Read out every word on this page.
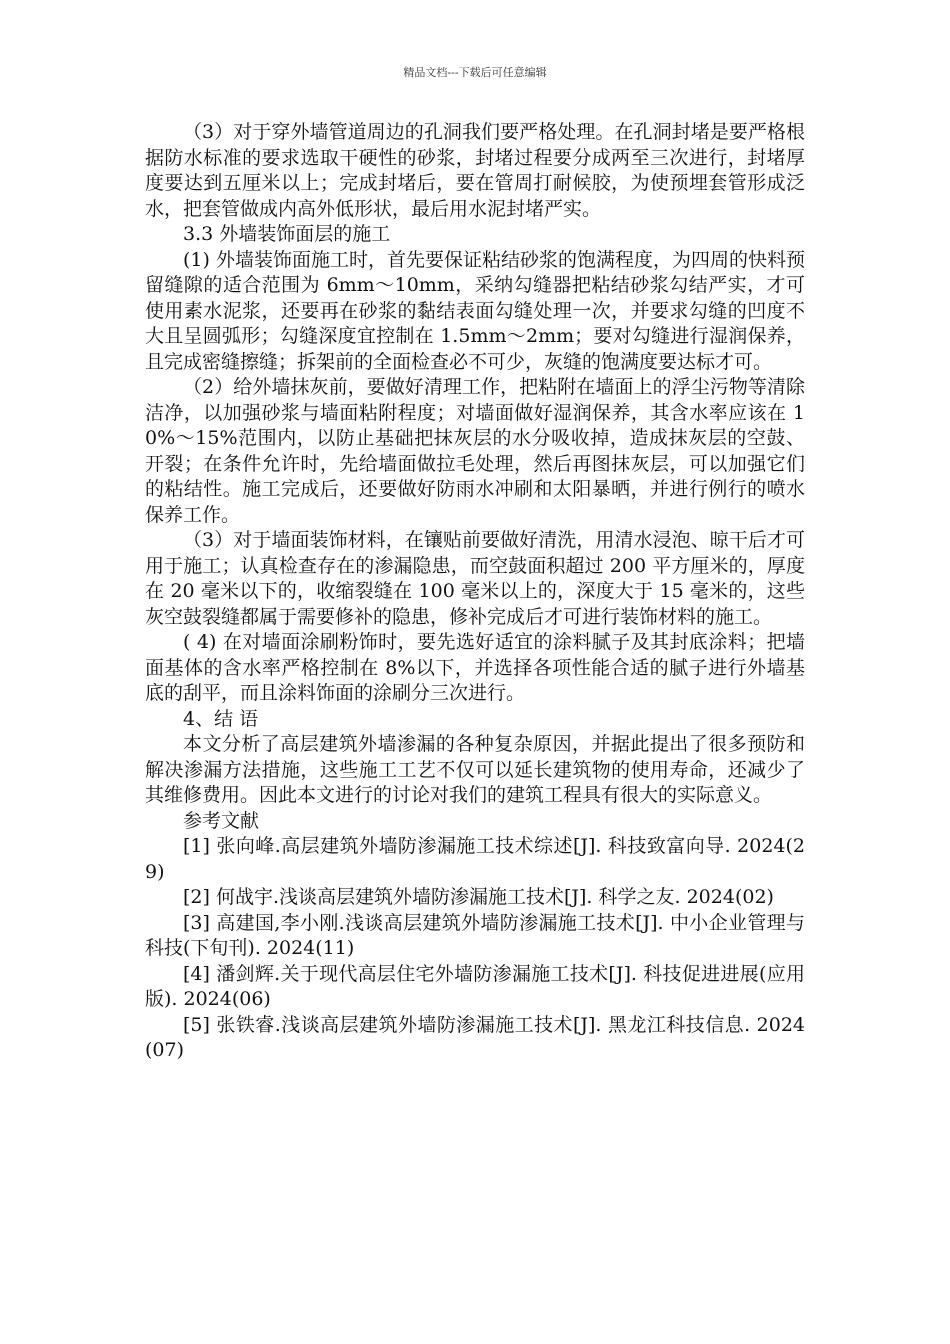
精品文档---下载后可任意编辑

（3）对于穿外墙管道周边的孔洞我们要严格处理。在孔洞封堵是要严格根据防水标准的要求选取干硬性的砂浆，封堵过程要分成两至三次进行，封堵厚度要达到五厘米以上；完成封堵后，要在管周打耐候胶，为使预埋套管形成泛水，把套管做成内高外低形状，最后用水泥封堵严实。

3.3 外墙装饰面层的施工

(1) 外墙装饰面施工时，首先要保证粘结砂浆的饱满程度，为四周的快料预留缝隙的适合范围为 6mm～10mm，采纳勾缝器把粘结砂浆勾结严实，才可使用素水泥浆，还要再在砂浆的黏结表面勾缝处理一次，并要求勾缝的凹度不大且呈圆弧形；勾缝深度宜控制在 1.5mm～2mm；要对勾缝进行湿润保养，且完成密缝擦缝；拆架前的全面检查必不可少，灰缝的饱满度要达标才可。

（2）给外墙抹灰前，要做好清理工作，把粘附在墙面上的浮尘污物等清除洁净，以加强砂浆与墙面粘附程度；对墙面做好湿润保养，其含水率应该在 10%～15%范围内，以防止基础把抹灰层的水分吸收掉，造成抹灰层的空鼓、开裂；在条件允许时，先给墙面做拉毛处理，然后再图抹灰层，可以加强它们的粘结性。施工完成后，还要做好防雨水冲刷和太阳暴晒，并进行例行的喷水保养工作。

（3）对于墙面装饰材料，在镶贴前要做好清洗，用清水浸泡、晾干后才可用于施工；认真检查存在的渗漏隐患，而空鼓面积超过 200 平方厘米的，厚度在 20 毫米以下的，收缩裂缝在 100 毫米以上的，深度大于 15 毫米的，这些灰空鼓裂缝都属于需要修补的隐患，修补完成后才可进行装饰材料的施工。

( 4) 在对墙面涂刷粉饰时，要先选好适宜的涂料腻子及其封底涂料；把墙面基体的含水率严格控制在 8%以下，并选择各项性能合适的腻子进行外墙基底的刮平，而且涂料饰面的涂刷分三次进行。

4、结 语

本文分析了高层建筑外墙渗漏的各种复杂原因，并据此提出了很多预防和解决渗漏方法措施，这些施工工艺不仅可以延长建筑物的使用寿命，还减少了其维修费用。因此本文进行的讨论对我们的建筑工程具有很大的实际意义。

参考文献

[1] 张向峰.高层建筑外墙防渗漏施工技术综述[J]. 科技致富向导. 2024(29)

[2] 何战宇.浅谈高层建筑外墙防渗漏施工技术[J]. 科学之友. 2024(02)

[3] 高建国,李小刚.浅谈高层建筑外墙防渗漏施工技术[J]. 中小企业管理与科技(下旬刊). 2024(11)

[4] 潘剑辉.关于现代高层住宅外墙防渗漏施工技术[J]. 科技促进进展(应用版). 2024(06)

[5] 张铁睿.浅谈高层建筑外墙防渗漏施工技术[J]. 黑龙江科技信息. 2024(07)
